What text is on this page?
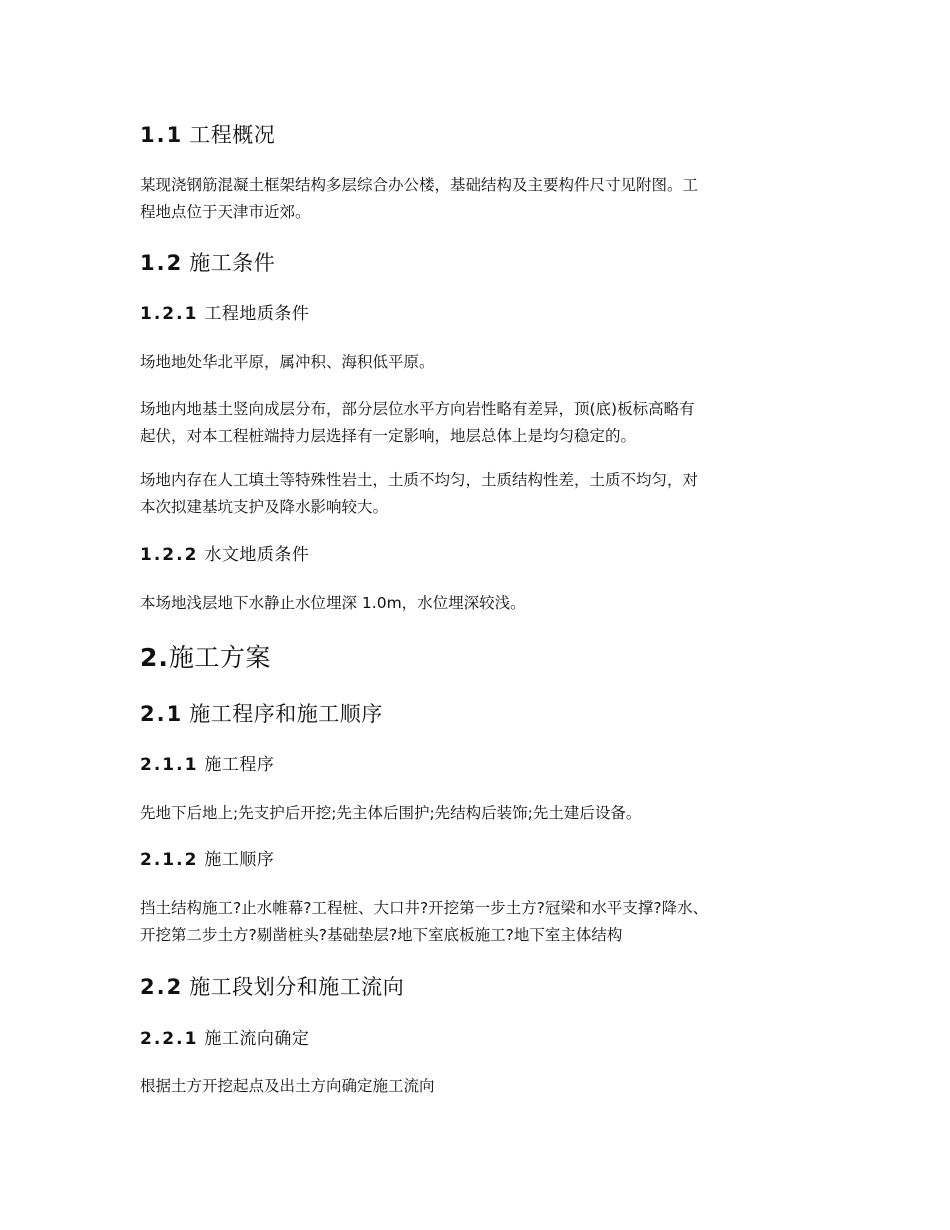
1.1 工程概况
某现浇钢筋混凝土框架结构多层综合办公楼，基础结构及主要构件尺寸见附图。工
程地点位于天津市近郊。
1.2 施工条件
1.2.1 工程地质条件
场地地处华北平原，属冲积、海积低平原。
场地内地基土竖向成层分布，部分层位水平方向岩性略有差异，顶(底)板标高略有
起伏，对本工程桩端持力层选择有一定影响，地层总体上是均匀稳定的。
场地内存在人工填土等特殊性岩土，土质不均匀，土质结构性差，土质不均匀，对
本次拟建基坑支护及降水影响较大。
1.2.2 水文地质条件
本场地浅层地下水静止水位埋深 1.0m，水位埋深较浅。
2.施工方案
2.1 施工程序和施工顺序
2.1.1 施工程序
先地下后地上;先支护后开挖;先主体后围护;先结构后装饰;先土建后设备。
2.1.2 施工顺序
挡土结构施工?止水帷幕?工程桩、大口井?开挖第一步土方?冠梁和水平支撑?降水、
开挖第二步土方?剔凿桩头?基础垫层?地下室底板施工?地下室主体结构
2.2 施工段划分和施工流向
2.2.1 施工流向确定
根据土方开挖起点及出土方向确定施工流向
